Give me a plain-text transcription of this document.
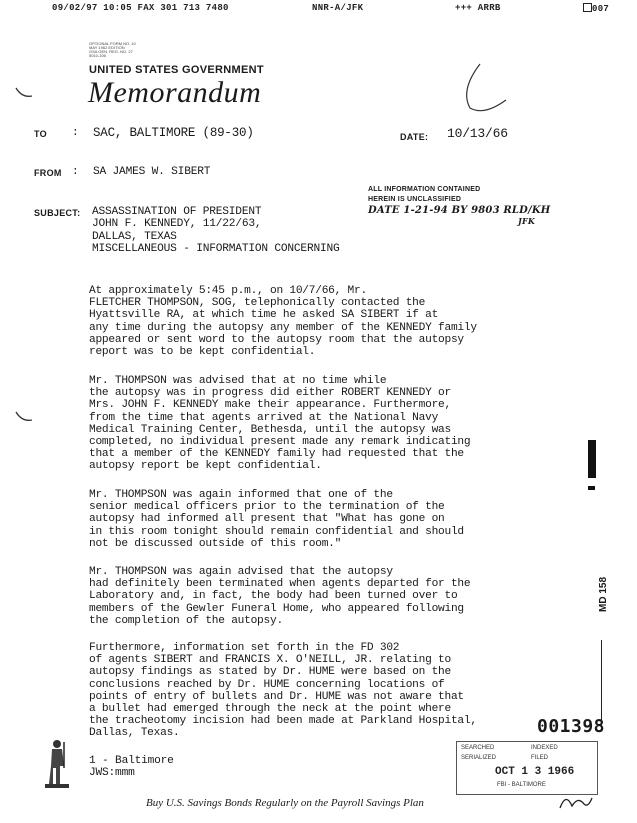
09/02/97 10:05 FAX 301 713 7480	NNR-A/JFK	+++ ARRB	007
OPTIONAL FORM NO. 10
MAY 1962 EDITION
GSA GEN. REG. NO. 27
5010-106
UNITED STATES GOVERNMENT
Memorandum
TO : SAC, BALTIMORE (89-30)	DATE: 10/13/66
FROM : SA JAMES W. SIBERT
ALL INFORMATION CONTAINED
HEREIN IS UNCLASSIFIED
DATE 1-21-94 BY 9803 RLD/KH
JFK
SUBJECT: ASSASSINATION OF PRESIDENT
JOHN F. KENNEDY, 11/22/63,
DALLAS, TEXAS
MISCELLANEOUS - INFORMATION CONCERNING

At approximately 5:45 p.m., on 10/7/66, Mr.

FLETCHER THOMPSON, SOG, telephonically contacted the

Hyattsville RA, at which time he asked SA SIBERT if at

any time during the autopsy any member of the KENNEDY family

appeared or sent word to the autopsy room that the autopsy

report was to be kept confidential.

Mr. THOMPSON was advised that at no time while

the autopsy was in progress did either ROBERT KENNEDY or

Mrs. JOHN F. KENNEDY make their appearance. Furthermore,

from the time that agents arrived at the National Navy

Medical Training Center, Bethesda, until the autopsy was

completed, no individual present made any remark indicating

that a member of the KENNEDY family had requested that the

autopsy report be kept confidential.

Mr. THOMPSON was again informed that one of the

senior medical officers prior to the termination of the

autopsy had informed all present that "What has gone on

in this room tonight should remain confidential and should

not be discussed outside of this room."

Mr. THOMPSON was again advised that the autopsy

had definitely been terminated when agents departed for the

Laboratory and, in fact, the body had been turned over to

members of the Gewler Funeral Home, who appeared following

the completion of the autopsy.

Furthermore, information set forth in the FD 302

of agents SIBERT and FRANCIS X. O'NEILL, JR. relating to

autopsy findings as stated by Dr. HUME were based on the

conclusions reached by Dr. HUME concerning locations of

points of entry of bullets and Dr. HUME was not aware that

a bullet had emerged through the neck at the point where

the tracheotomy incision had been made at Parkland Hospital,

Dallas, Texas.

MD 158
001398
1 - Baltimore
JWS:mmm
SEARCHED	INDEXED
SERIALIZED	FILED
OCT 1 3 1966
FBI - BALTIMORE
Buy U.S. Savings Bonds Regularly on the Payroll Savings Plan
